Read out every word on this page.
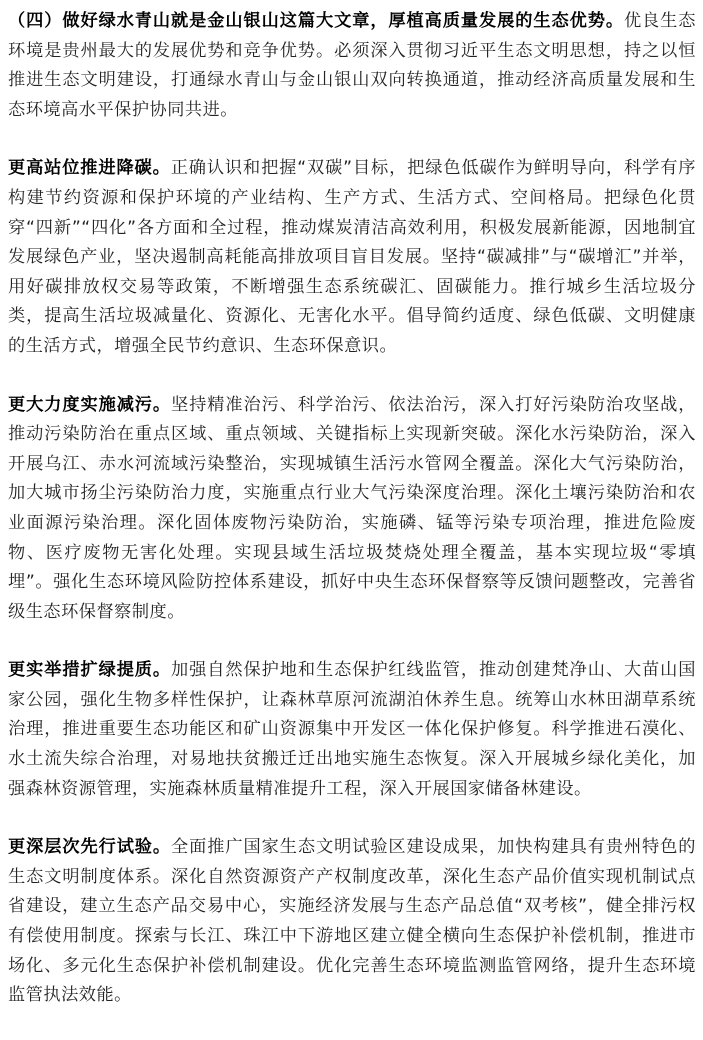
（四）做好绿水青山就是金山银山这篇大文章，厚植高质量发展的生态优势。优良生态环境是贵州最大的发展优势和竞争优势。必须深入贯彻习近平生态文明思想，持之以恒推进生态文明建设，打通绿水青山与金山银山双向转换通道，推动经济高质量发展和生态环境高水平保护协同共进。

更高站位推进降碳。正确认识和把握“双碳”目标，把绿色低碳作为鲜明导向，科学有序构建节约资源和保护环境的产业结构、生产方式、生活方式、空间格局。把绿色化贯穿“四新”“四化”各方面和全过程，推动煤炭清洁高效利用，积极发展新能源，因地制宜发展绿色产业，坚决遏制高耗能高排放项目盲目发展。坚持“碳减排”与“碳增汇”并举，用好碳排放权交易等政策，不断增强生态系统碳汇、固碳能力。推行城乡生活垃圾分类，提高生活垃圾减量化、资源化、无害化水平。倡导简约适度、绿色低碳、文明健康的生活方式，增强全民节约意识、生态环保意识。

更大力度实施减污。坚持精准治污、科学治污、依法治污，深入打好污染防治攻坚战，推动污染防治在重点区域、重点领域、关键指标上实现新突破。深化水污染防治，深入开展乌江、赤水河流域污染整治，实现城镇生活污水管网全覆盖。深化大气污染防治，加大城市扬尘污染防治力度，实施重点行业大气污染深度治理。深化土壤污染防治和农业面源污染治理。深化固体废物污染防治，实施磷、锰等污染专项治理，推进危险废物、医疗废物无害化处理。实现县域生活垃圾焚烧处理全覆盖，基本实现垃圾“零填埋”。强化生态环境风险防控体系建设，抓好中央生态环保督察等反馈问题整改，完善省级生态环保督察制度。

更实举措扩绿提质。加强自然保护地和生态保护红线监管，推动创建梵净山、大苗山国家公园，强化生物多样性保护，让森林草原河流湖泊休养生息。统筹山水林田湖草系统治理，推进重要生态功能区和矿山资源集中开发区一体化保护修复。科学推进石漠化、水土流失综合治理，对易地扶贫搬迁迁出地实施生态恢复。深入开展城乡绿化美化，加强森林资源管理，实施森林质量精准提升工程，深入开展国家储备林建设。

更深层次先行试验。全面推广国家生态文明试验区建设成果，加快构建具有贵州特色的生态文明制度体系。深化自然资源资产产权制度改革，深化生态产品价值实现机制试点省建设，建立生态产品交易中心，实施经济发展与生态产品总值“双考核”，健全排污权有偿使用制度。探索与长江、珠江中下游地区建立健全横向生态保护补偿机制，推进市场化、多元化生态保护补偿机制建设。优化完善生态环境监测监管网络，提升生态环境监管执法效能。
